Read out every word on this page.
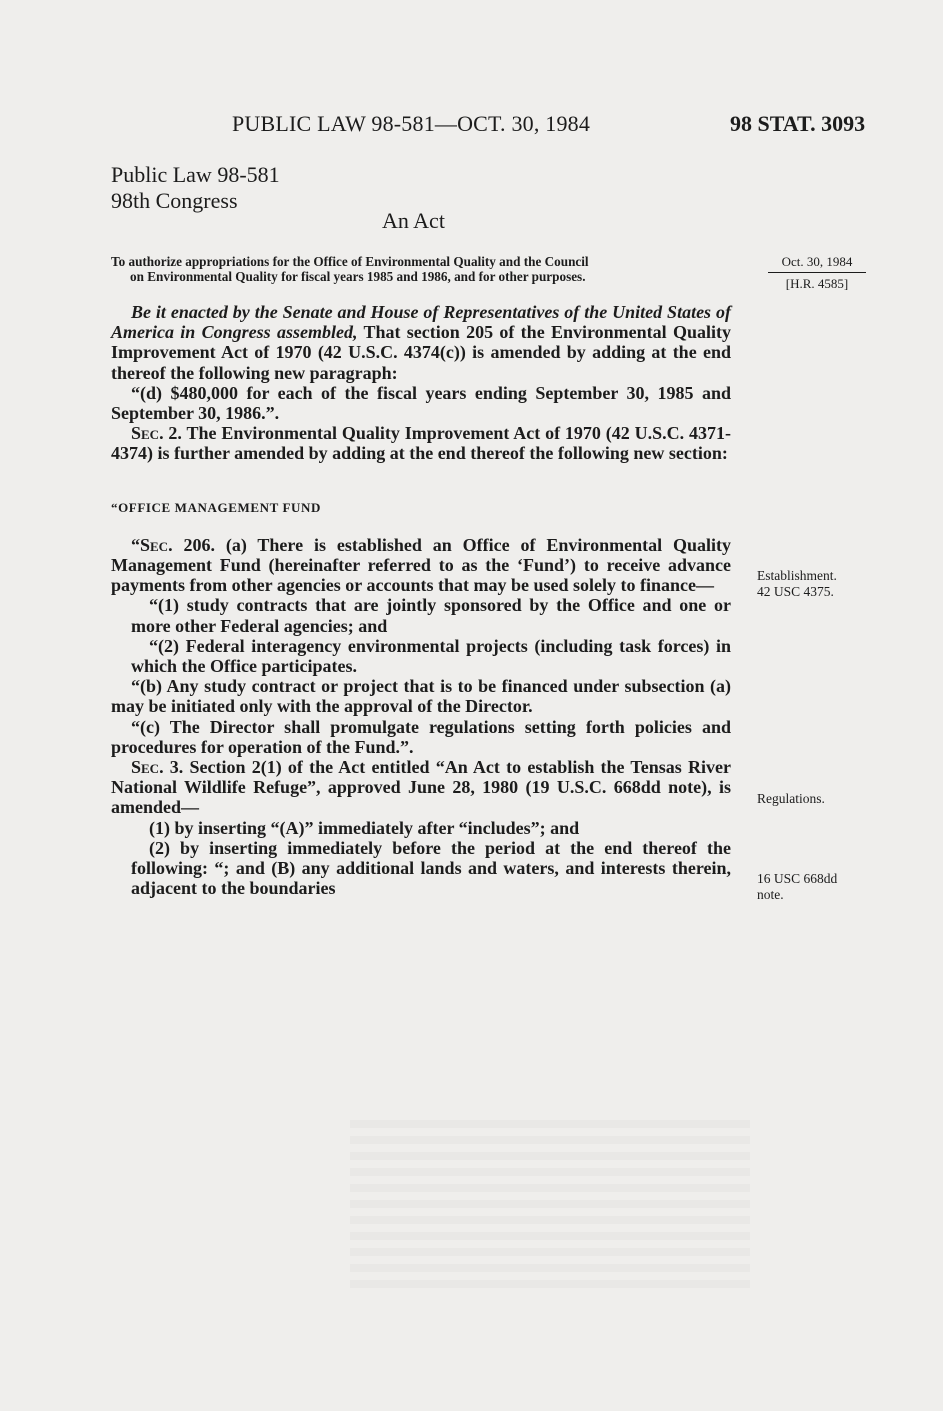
PUBLIC LAW 98-581—OCT. 30, 1984	98 STAT. 3093
Public Law 98-581
98th Congress
An Act
To authorize appropriations for the Office of Environmental Quality and the Council
on Environmental Quality for fiscal years 1985 and 1986, and for other purposes.
Oct. 30, 1984
[H.R. 4585]

Be it enacted by the Senate and House of Representatives of the United States of America in Congress assembled, That section 205 of the Environmental Quality Improvement Act of 1970 (42 U.S.C. 4374(c)) is amended by adding at the end thereof the following new paragraph:

“(d) $480,000 for each of the fiscal years ending September 30, 1985 and September 30, 1986.”.

Sec. 2. The Environmental Quality Improvement Act of 1970 (42 U.S.C. 4371-4374) is further amended by adding at the end thereof the following new section:

“OFFICE MANAGEMENT FUND

“Sec. 206. (a) There is established an Office of Environmental Quality Management Fund (hereinafter referred to as the ‘Fund’) to receive advance payments from other agencies or accounts that may be used solely to finance—

“(1) study contracts that are jointly sponsored by the Office and one or more other Federal agencies; and

“(2) Federal interagency environmental projects (including task forces) in which the Office participates.

“(b) Any study contract or project that is to be financed under subsection (a) may be initiated only with the approval of the Director.

“(c) The Director shall promulgate regulations setting forth policies and procedures for operation of the Fund.”.

Sec. 3. Section 2(1) of the Act entitled “An Act to establish the Tensas River National Wildlife Refuge”, approved June 28, 1980 (19 U.S.C. 668dd note), is amended—

(1) by inserting “(A)” immediately after “includes”; and

(2) by inserting immediately before the period at the end thereof the following: “; and (B) any additional lands and waters, and interests therein, adjacent to the boundaries

Establishment.
42 USC 4375.
Regulations.
16 USC 668dd
note.
